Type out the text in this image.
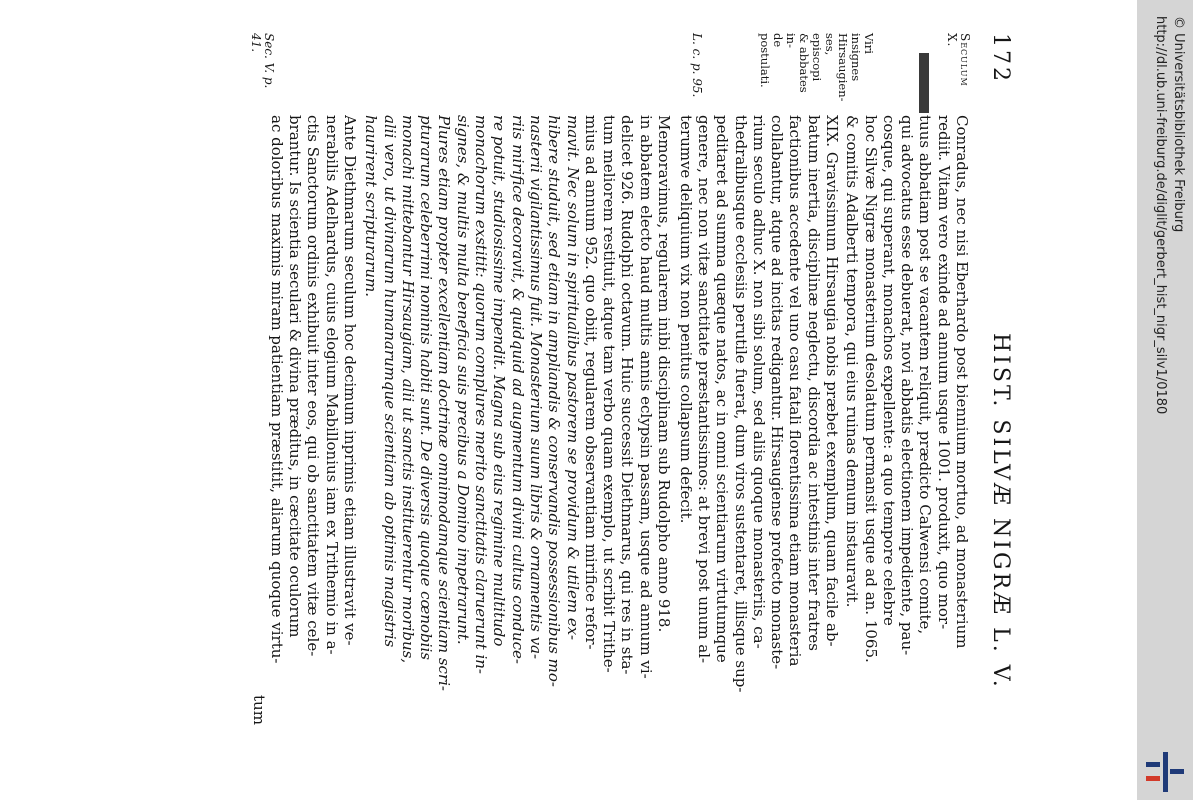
172
HIST. SILVÆ NIGRÆ L. V.
Seculum X.
Viri insignes
Hirsaugien-
ses, episcopi
& abbates in-
de postulati.
L. c. p. 95.
Sec. V. p. 41.
Conradus, nec nisi Eberhardo post biennium mortuo, ad monasterium
rediit. Vitam vero exinde ad annum usque 1001. produxit, quo mor-
tuus abbatiam post se vacantem reliquit, prædicto Calwensi comite,
qui advocatus esse debuerat, novi abbatis electionem impediente, pau-
cosque, qui superant, monachos expellente: a quo tempore celebre
hoc Silvæ Nigræ monasterium desolatum permansit usque ad an. 1065.
& comitis Adalberti tempora, qui eius ruinas demum instauravit.
XIX. Gravissimum Hirsaugia nobis præbet exemplum, quam facile ab-
batum inertia, disciplinæ neglectu, discordia ac intestinis inter fratres
factionibus accedente vel uno casu fatali florentissima etiam monasteria
collabantur, atque ad incitas redigantur. Hirsaugiense profecto monaste-
rium seculo adhuc X. non sibi solum, sed aliis quoque monasteriis, ca-
thedralibusque ecclesiis perutile fuerat, dum viros sustentaret, illisque sup-
peditaret ad summa quæque natos, ac in omni scientiarum virtutumque
genere, nec non vitæ sanctitate præstantissimos: at brevi post unum al-
terumve deliquium vix non penitus collapsum defecit.
Memoravimus, regularem inibi disciplinam sub Rudolpho anno 918.
in abbatem electo haud multis annis eclypsin passam, usque ad annum vi-
delicet 926. Rudolphi octavum. Huic successit Diethmarus, qui res in sta-
tum meliorem restituit, atque tam verbo quam exemplo, ut scribit Trithe-
mius ad annum 952. quo obiit, regularem observantiam mirifice refor-
mavit. Nec solum in spiritualibus pastorem se providum & utilem ex-
hibere studuit, sed etiam in ampliandis & conservandis possessionibus mo-
nasterii vigilantissimus fuit. Monasterium suum libris & ornamentis va-
riis mirifice decoravit, & quidquid ad augmentum divini cultus conduce-
re potuit, studiosissime impendit. Magna sub eius regimine multitudo
monachorum exstitit: quorum complures merito sanctitatis claruerunt in-
signes, & multis multa beneficia suis precibus a Domino impetrarunt.
Plures etiam propter excellentiam doctrinæ omnimodamque scientiam scri-
pturarum celeberrimi nominis habiti sunt. De diversis quoque cœnobiis
monachi mittebantur Hirsaugiam, alii ut sanctis instituerentur moribus,
alii vero, ut divinarum humanarumque scientiam ab optimis magistris
haurirent scripturarum.
Ante Diethmarum seculum hoc decimum inprimis etiam illustravit ve-
nerabilis Adelhardus, cuius elogium Mabillonius iam ex Trithemio in a-
ctis Sanctorum ordinis exhibuit inter eos, qui ob sanctitatem vitæ cele-
brantur. Is scientia seculari & divina præditus, in cæcitate oculorum
ac doloribus maximis miram patientiam præstitit, aliarum quoque virtu-
tum
http://dl.ub.uni-freiburg.de/diglit/gerbert_hist_nigr_silv1/0180 © Universitätsbibliothek Freiburg
